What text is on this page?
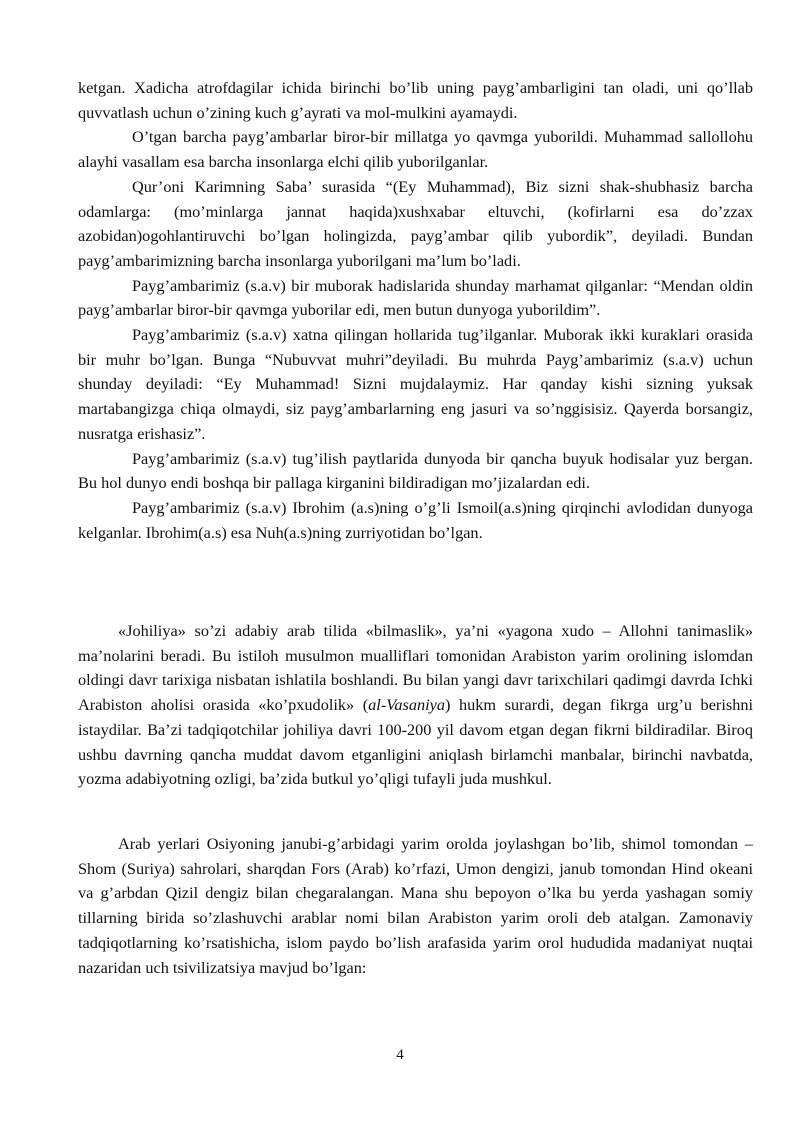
ketgan. Xadicha atrofdagilar ichida birinchi bo’lib uning payg’ambarligini tan oladi, uni qo’llab quvvatlash uchun o’zining kuch g’ayrati va mol-mulkini ayamaydi.

O’tgan barcha payg’ambarlar biror-bir millatga yo qavmga yuborildi. Muhammad sallollohu alayhi vasallam esa barcha insonlarga elchi qilib yuborilganlar.

Qur’oni Karimning Saba’ surasida “(Ey Muhammad), Biz sizni shak-shubhasiz barcha odamlarga: (mo’minlarga jannat haqida)xushxabar eltuvchi, (kofirlarni esa do’zzax azobidan)ogohlantiruvchi bo’lgan holingizda, payg’ambar qilib yubordik”, deyiladi. Bundan payg’ambarimizning barcha insonlarga yuborilgani ma’lum bo’ladi.

Payg’ambarimiz (s.a.v) bir muborak hadislarida shunday marhamat qilganlar: “Mendan oldin payg’ambarlar biror-bir qavmga yuborilar edi, men butun dunyoga yuborildim”.

Payg’ambarimiz (s.a.v) xatna qilingan hollarida tug’ilganlar. Muborak ikki kuraklari orasida bir muhr bo’lgan. Bunga “Nubuvvat muhri”deyiladi. Bu muhrda Payg’ambarimiz (s.a.v) uchun shunday deyiladi: “Ey Muhammad! Sizni mujdalaymiz. Har qanday kishi sizning yuksak martabangizga chiqa olmaydi, siz payg’ambarlarning eng jasuri va so’nggisisiz. Qayerda borsangiz, nusratga erishasiz”.

Payg’ambarimiz (s.a.v) tug’ilish paytlarida dunyoda bir qancha buyuk hodisalar yuz bergan. Bu hol dunyo endi boshqa bir pallaga kirganini bildiradigan mo’jizalardan edi.

Payg’ambarimiz (s.a.v) Ibrohim (a.s)ning o’g’li Ismoil(a.s)ning qirqinchi avlodidan dunyoga kelganlar. Ibrohim(a.s) esa Nuh(a.s)ning zurriyotidan bo’lgan.

«Johiliya» so’zi adabiy arab tilida «bilmaslik», ya’ni «yagona xudo – Allohni tanimaslik» ma’nolarini beradi. Bu istiloh musulmon mualliflari tomonidan Arabiston yarim orolining islomdan oldingi davr tarixiga nisbatan ishlatila boshlandi. Bu bilan yangi davr tarixchilari qadimgi davrda Ichki Arabiston aholisi orasida «ko’pxudolik» (al-Vasaniya) hukm surardi, degan fikrga urg’u berishni istaydilar. Ba’zi tadqiqotchilar johiliya davri 100-200 yil davom etgan degan fikrni bildiradilar. Biroq ushbu davrning qancha muddat davom etganligini aniqlash birlamchi manbalar, birinchi navbatda, yozma adabiyotning ozligi, ba’zida butkul yo’qligi tufayli juda mushkul.

Arab yerlari Osiyoning janubi-g’arbidagi yarim orolda joylashgan bo’lib, shimol tomondan – Shom (Suriya) sahrolari, sharqdan Fors (Arab) ko’rfazi, Umon dengizi, janub tomondan Hind okeani va g’arbdan Qizil dengiz bilan chegaralangan. Mana shu bepoyon o’lka bu yerda yashagan somiy tillarning birida so’zlashuvchi arablar nomi bilan Arabiston yarim oroli deb atalgan. Zamonaviy tadqiqotlarning ko’rsatishicha, islom paydo bo’lish arafasida yarim orol hududida madaniyat nuqtai nazaridan uch tsivilizatsiya mavjud bo’lgan:

4
